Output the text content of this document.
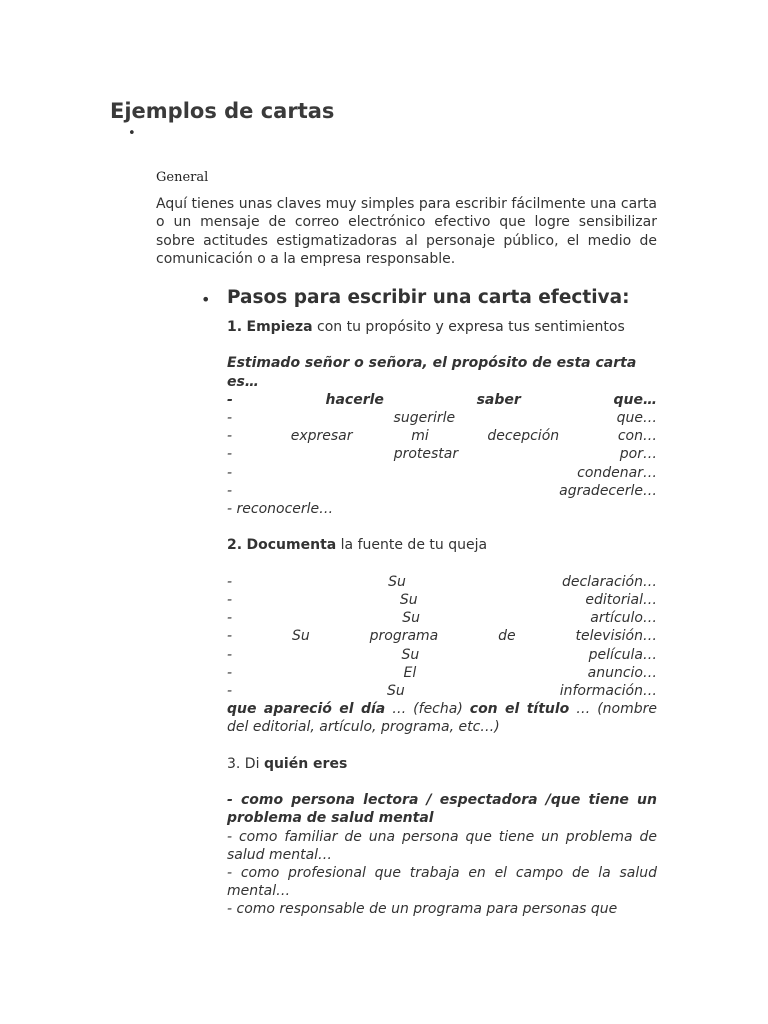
Ejemplos de cartas
•
General

Aquí tienes unas claves muy simples para escribir fácilmente una carta o un mensaje de correo electrónico efectivo que logre sensibilizar sobre actitudes estigmatizadoras al personaje público, el medio de comunicación o a la empresa responsable.

• Pasos para escribir una carta efectiva:

1. Empieza con tu propósito y expresa tus sentimientos

Estimado señor o señora, el propósito de esta carta es…

-	hacerle	saber	que…
-	sugerirle	que…
-	expresar	mi	decepción	con…
-	protestar	por…
-	condenar…
-	agradecerle…

- reconocerle…

2. Documenta la fuente de tu queja

-	Su	declaración…
-	Su	editorial…
-	Su	artículo…
-	Su	programa	de	televisión…
-	Su	película…
-	El	anuncio…
-	Su	información…

que apareció el día … (fecha) con el título … (nombre del editorial, artículo, programa, etc…)

3. Di quién eres

- como persona lectora / espectadora /que tiene un problema de salud mental

- como familiar de una persona que tiene un problema de salud mental…

- como profesional que trabaja en el campo de la salud mental…

- como responsable de un programa para personas que
